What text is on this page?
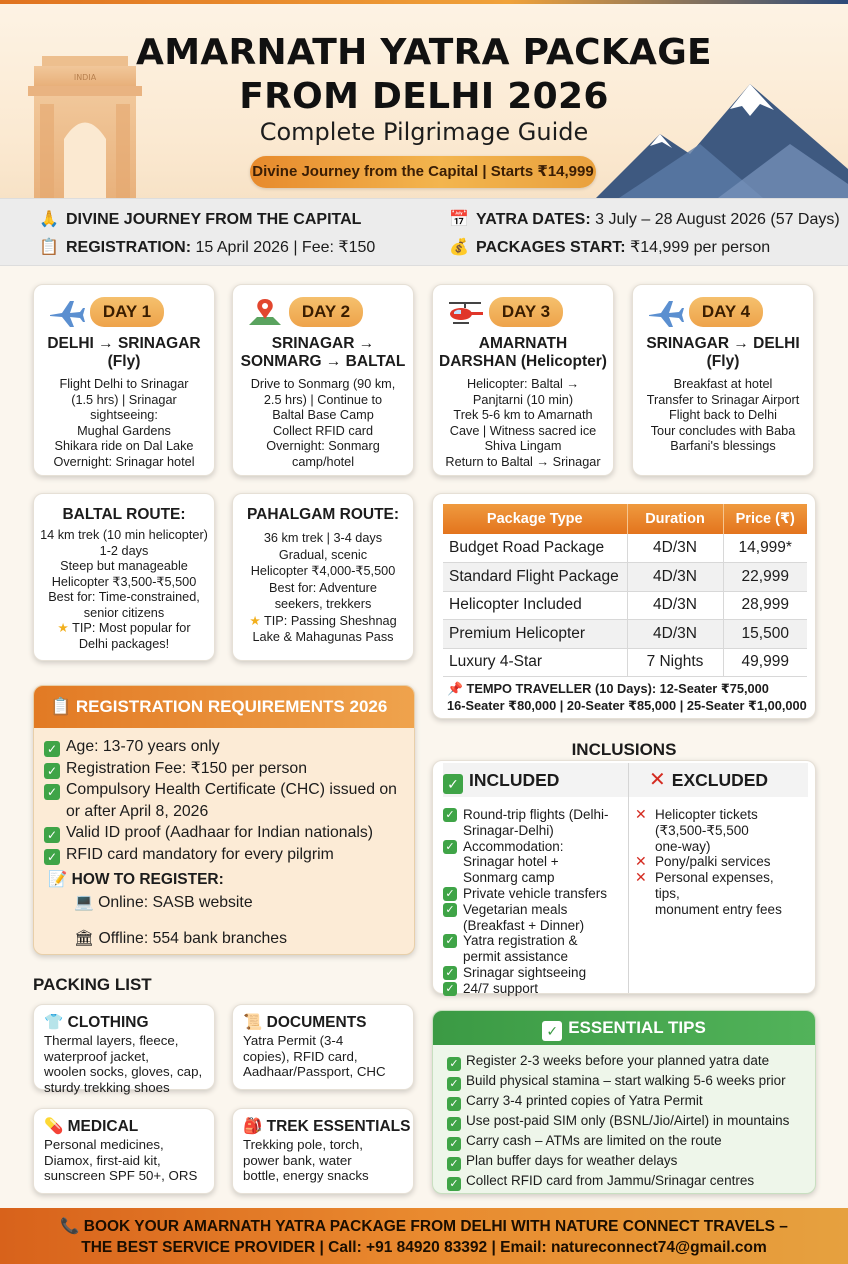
INDIA
AMARNATH YATRA PACKAGE
FROM DELHI 2026
Complete Pilgrimage Guide
Divine Journey from the Capital | Starts ₹14,999
🙏 DIVINE JOURNEY FROM THE CAPITAL	📅 YATRA DATES: 3 July – 28 August 2026 (57 Days)
📋 REGISTRATION: 15 April 2026 | Fee: ₹150	💰 PACKAGES START: ₹14,999 per person
DAY 1
DELHI → SRINAGAR (Fly)
Flight Delhi to Srinagar
(1.5 hrs) | Srinagar sightseeing:
Mughal Gardens
Shikara ride on Dal Lake
Overnight: Srinagar hotel
DAY 2
SRINAGAR → SONMARG → BALTAL
Drive to Sonmarg (90 km,
2.5 hrs) | Continue to
Baltal Base Camp
Collect RFID card
Overnight: Sonmarg
camp/hotel
DAY 3
AMARNATH DARSHAN (Helicopter)
Helicopter: Baltal →
Panjtarni (10 min)
Trek 5-6 km to Amarnath
Cave | Witness sacred ice
Shiva Lingam
Return to Baltal → Srinagar
DAY 4
SRINAGAR → DELHI (Fly)
Breakfast at hotel
Transfer to Srinagar Airport
Flight back to Delhi
Tour concludes with Baba
Barfani's blessings
BALTAL ROUTE:
14 km trek (10 min helicopter)
1-2 days
Steep but manageable
Helicopter ₹3,500-₹5,500
Best for: Time-constrained,
senior citizens
★ TIP: Most popular for
Delhi packages!
PAHALGAM ROUTE:
36 km trek | 3-4 days
Gradual, scenic
Helicopter ₹4,000-₹5,500
Best for: Adventure
seekers, trekkers
★ TIP: Passing Sheshnag
Lake & Mahagunas Pass
Package Type	Duration	Price (₹)
Budget Road Package	4D/3N	14,999*
Standard Flight Package	4D/3N	22,999
Helicopter Included	4D/3N	28,999
Premium Helicopter	4D/3N	15,500
Luxury 4-Star	7 Nights	49,999
📌 TEMPO TRAVELLER (10 Days): 12-Seater ₹75,000
16-Seater ₹80,000 | 20-Seater ₹85,000 | 25-Seater ₹1,00,000
📋 REGISTRATION REQUIREMENTS 2026
✓ Age: 13-70 years only
✓ Registration Fee: ₹150 per person
✓ Compulsory Health Certificate (CHC) issued on
or after April 8, 2026
✓ Valid ID proof (Aadhaar for Indian nationals)
✓ RFID card mandatory for every pilgrim
📝 HOW TO REGISTER:
💻 Online: SASB website
🏛 Offline: 554 bank branches
INCLUSIONS
✓ INCLUDED
✓ Round-trip flights (Delhi-
Srinagar-Delhi)
✓ Accommodation:
Srinagar hotel +
Sonmarg camp
✓ Private vehicle transfers
✓ Vegetarian meals
(Breakfast + Dinner)
✓ Yatra registration &
permit assistance
✓ Srinagar sightseeing
✓ 24/7 support
✕ EXCLUDED
✕ Helicopter tickets
(₹3,500-₹5,500
one-way)
✕ Pony/palki services
✕ Personal expenses,
tips,
monument entry fees
PACKING LIST
👕 CLOTHING
Thermal layers, fleece,
waterproof jacket,
woolen socks, gloves, cap,
sturdy trekking shoes
📜 DOCUMENTS
Yatra Permit (3-4
copies), RFID card,
Aadhaar/Passport, CHC
💊 MEDICAL
Personal medicines,
Diamox, first-aid kit,
sunscreen SPF 50+, ORS
🎒 TREK ESSENTIALS
Trekking pole, torch,
power bank, water
bottle, energy snacks
✓ ESSENTIAL TIPS
✓ Register 2-3 weeks before your planned yatra date
✓ Build physical stamina – start walking 5-6 weeks prior
✓ Carry 3-4 printed copies of Yatra Permit
✓ Use post-paid SIM only (BSNL/Jio/Airtel) in mountains
✓ Carry cash – ATMs are limited on the route
✓ Plan buffer days for weather delays
✓ Collect RFID card from Jammu/Srinagar centres
📞 BOOK YOUR AMARNATH YATRA PACKAGE FROM DELHI WITH NATURE CONNECT TRAVELS –
THE BEST SERVICE PROVIDER | Call: +91 84920 83392 | Email: natureconnect74@gmail.com
